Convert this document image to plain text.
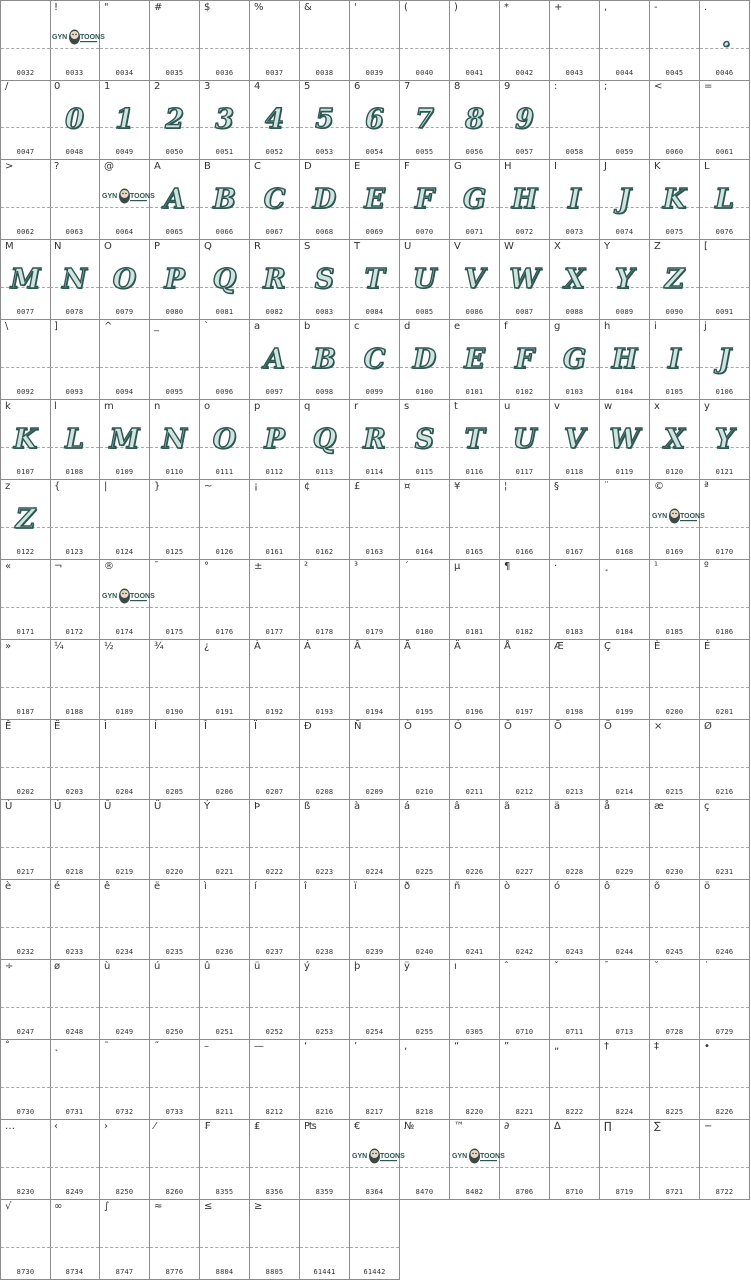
0032
!
GYN TOONS
0033
"
0034
#
0035
$
0036
%
0037
&
0038
'
0039
(
0040
)
0041
*
0042
+
0043
,
0044
-
0045
.
.
0046
/
0047
0
0
0048
1
1
0049
2
2
0050
3
3
0051
4
4
0052
5
5
0053
6
6
0054
7
7
0055
8
8
0056
9
9
0057
:
0058
;
0059
<
0060
=
0061
>
0062
?
0063
@
GYN TOONS
0064
A
A
0065
B
B
0066
C
C
0067
D
D
0068
E
E
0069
F
F
0070
G
G
0071
H
H
0072
I
I
0073
J
J
0074
K
K
0075
L
L
0076
M
M
0077
N
N
0078
O
O
0079
P
P
0080
Q
Q
0081
R
R
0082
S
S
0083
T
T
0084
U
U
0085
V
V
0086
W
W
0087
X
X
0088
Y
Y
0089
Z
Z
0090
[
0091
\
0092
]
0093
^
0094
_
0095
`
0096
a
A
0097
b
B
0098
c
C
0099
d
D
0100
e
E
0101
f
F
0102
g
G
0103
h
H
0104
i
I
0105
j
J
0106
k
K
0107
l
L
0108
m
M
0109
n
N
0110
o
O
0111
p
P
0112
q
Q
0113
r
R
0114
s
S
0115
t
T
0116
u
U
0117
v
V
0118
w
W
0119
x
X
0120
y
Y
0121
z
Z
0122
{
0123
|
0124
}
0125
~
0126
¡
0161
¢
0162
£
0163
¤
0164
¥
0165
¦
0166
§
0167
¨
0168
©
GYN TOONS
0169
ª
0170
«
0171
¬
0172
®
GYN TOONS
0174
¯
0175
°
0176
±
0177
²
0178
³
0179
´
0180
µ
0181
¶
0182
·
0183
¸
0184
¹
0185
º
0186
»
0187
¼
0188
½
0189
¾
0190
¿
0191
À
0192
Á
0193
Â
0194
Ã
0195
Ä
0196
Å
0197
Æ
0198
Ç
0199
È
0200
É
0201
Ê
0202
Ë
0203
Ì
0204
Í
0205
Î
0206
Ï
0207
Ð
0208
Ñ
0209
Ò
0210
Ó
0211
Ô
0212
Õ
0213
Ö
0214
×
0215
Ø
0216
Ù
0217
Ú
0218
Û
0219
Ü
0220
Ý
0221
Þ
0222
ß
0223
à
0224
á
0225
â
0226
ã
0227
ä
0228
å
0229
æ
0230
ç
0231
è
0232
é
0233
ê
0234
ë
0235
ì
0236
í
0237
î
0238
ï
0239
ð
0240
ñ
0241
ò
0242
ó
0243
ô
0244
õ
0245
ö
0246
÷
0247
ø
0248
ù
0249
ú
0250
û
0251
ü
0252
ý
0253
þ
0254
ÿ
0255
ı
0305
ˆ
0710
ˇ
0711
ˉ
0713
˘
0728
˙
0729
˚
0730
˛
0731
˜
0732
˝
0733
–
8211
—
8212
‘
8216
’
8217
‚
8218
“
8220
”
8221
„
8222
†
8224
‡
8225
•
8226
…
8230
‹
8249
›
8250
⁄
8260
₣
8355
₤
8356
₧
8359
€
GYN TOONS
8364
№
8470
™
GYN TOONS
8482
∂
8706
∆
8710
∏
8719
∑
8721
−
8722
√
8730
∞
8734
∫
8747
≈
8776
≤
8804
≥
8805	61441	61442
